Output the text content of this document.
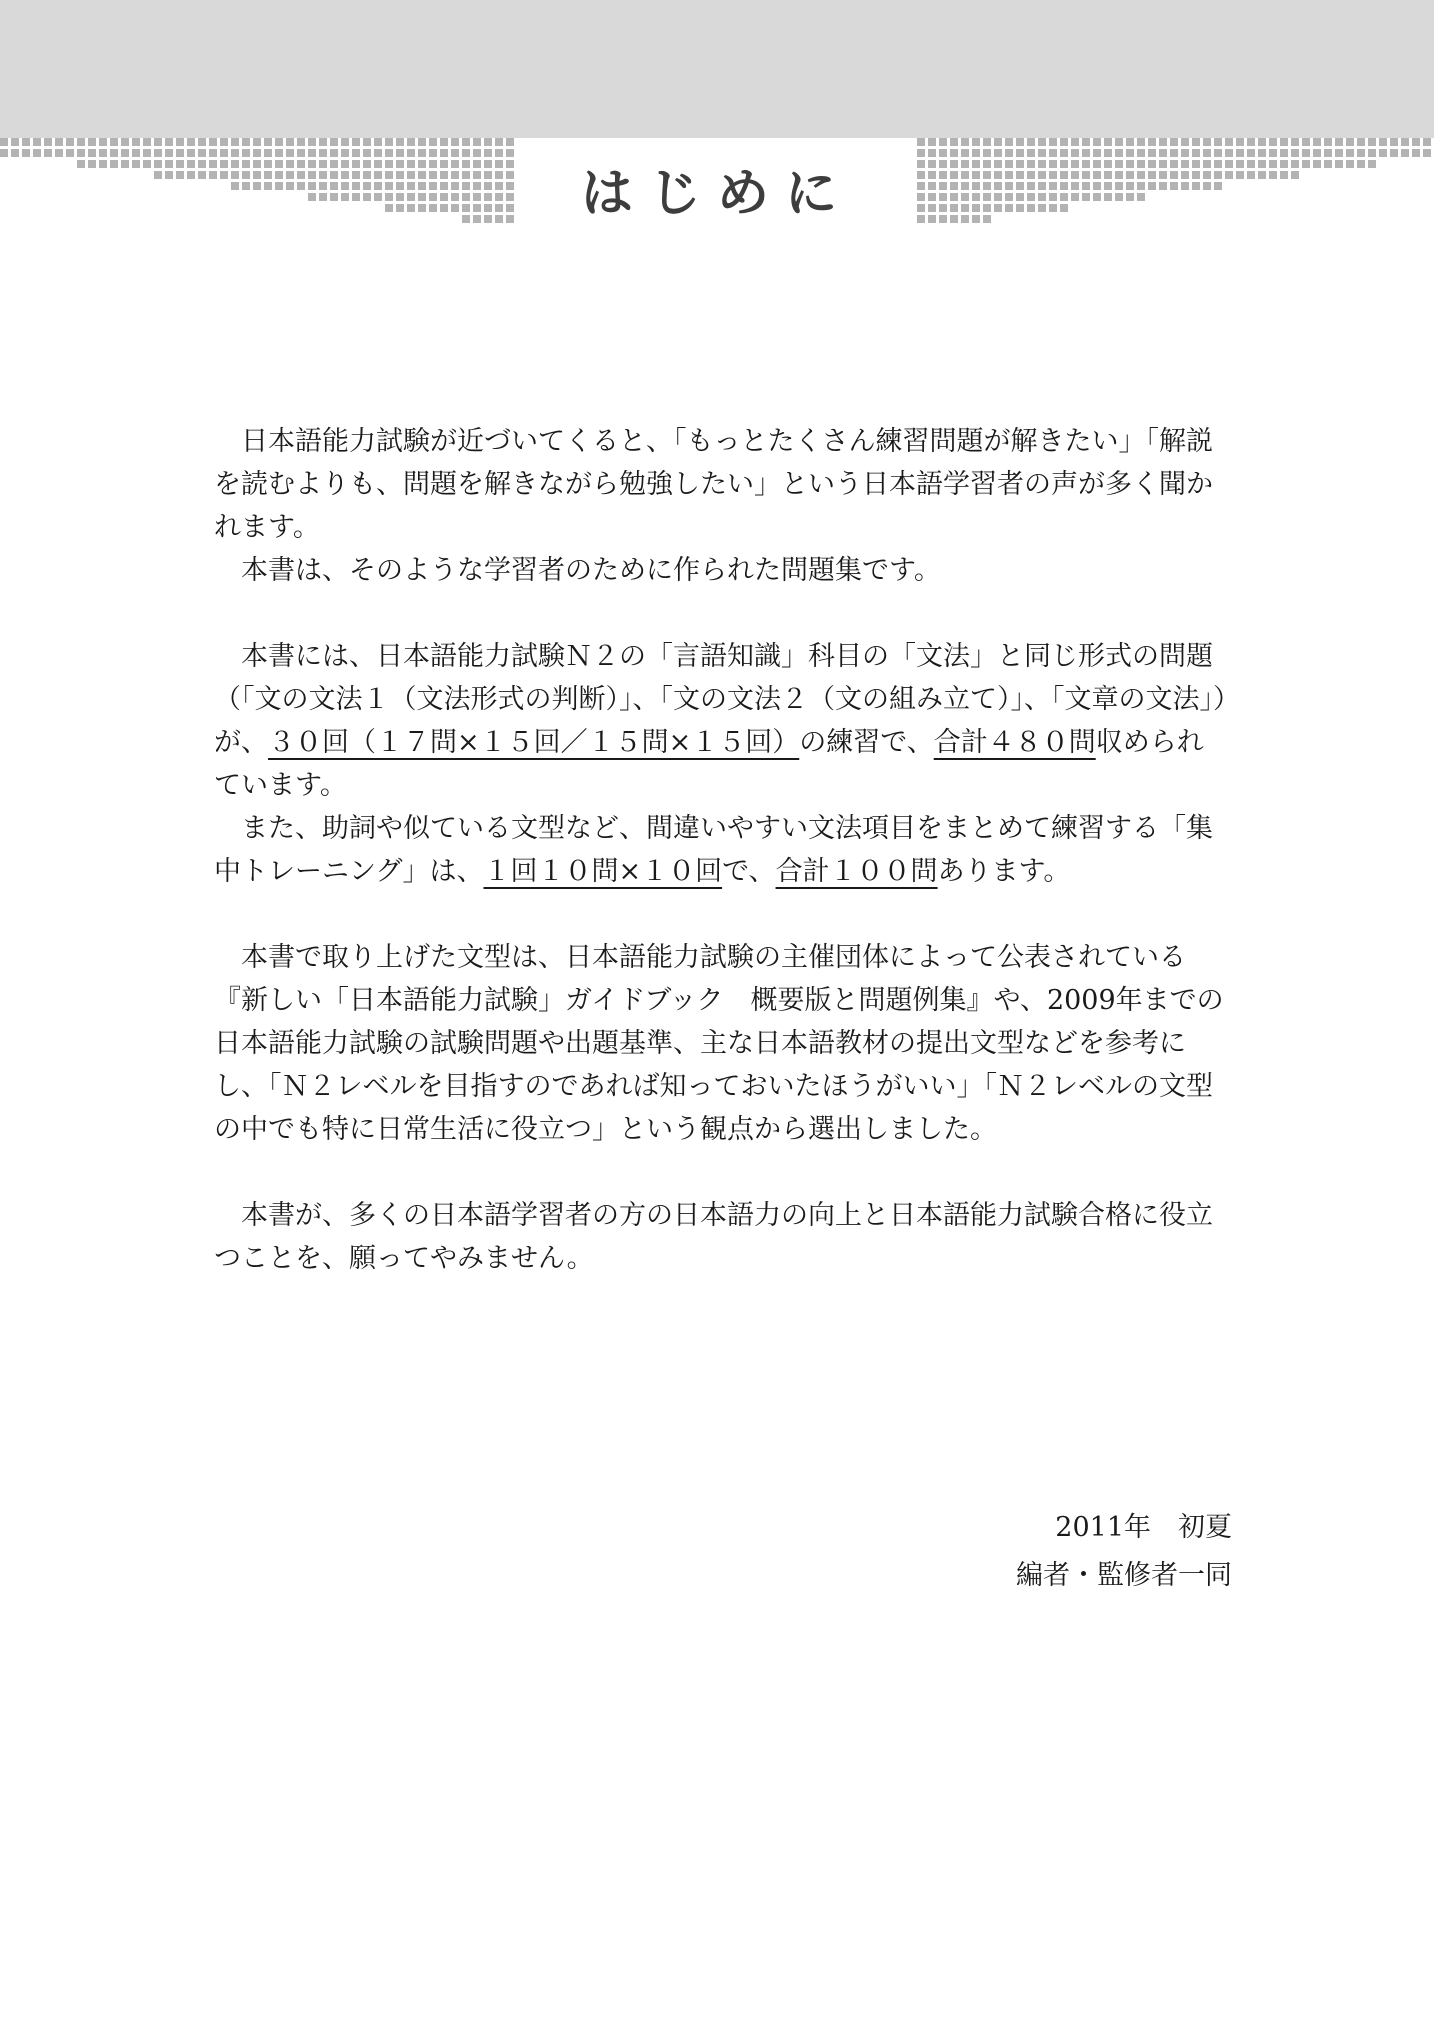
はじめに

日本語能力試験が近づいてくると、「もっとたくさん練習問題が解きたい」「解説を読むよりも、問題を解きながら勉強したい」という日本語学習者の声が多く聞かれます。

本書は、そのような学習者のために作られた問題集です。

本書には、日本語能力試験Ｎ２の「言語知識」科目の「文法」と同じ形式の問題（「文の文法１（文法形式の判断）」、「文の文法２（文の組み立て）」、「文章の文法」）が、３０回（１７問×１５回／１５問×１５回）の練習で、合計４８０問収められています。

また、助詞や似ている文型など、間違いやすい文法項目をまとめて練習する「集中トレーニング」は、１回１０問×１０回で、合計１００問あります。

本書で取り上げた文型は、日本語能力試験の主催団体によって公表されている『新しい「日本語能力試験」ガイドブック　概要版と問題例集』や、2009年までの日本語能力試験の試験問題や出題基準、主な日本語教材の提出文型などを参考にし、「Ｎ２レベルを目指すのであれば知っておいたほうがいい」「Ｎ２レベルの文型の中でも特に日常生活に役立つ」という観点から選出しました。

本書が、多くの日本語学習者の方の日本語力の向上と日本語能力試験合格に役立つことを、願ってやみません。

2011年　初夏
編者・監修者一同
